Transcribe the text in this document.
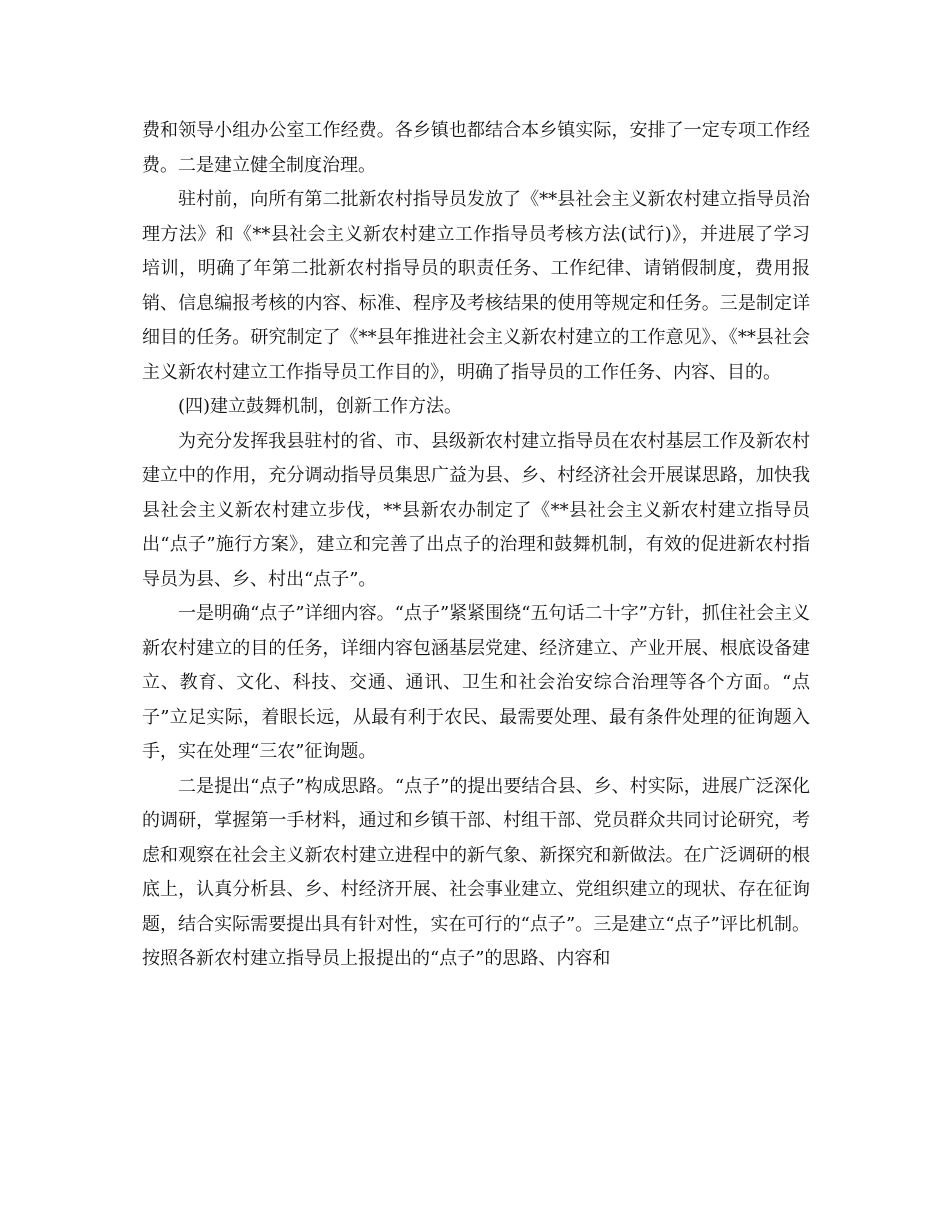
费和领导小组办公室工作经费。各乡镇也都结合本乡镇实际，安排了一定专项工作经费。二是建立健全制度治理。

驻村前，向所有第二批新农村指导员发放了《**县社会主义新农村建立指导员治理方法》和《**县社会主义新农村建立工作指导员考核方法(试行)》，并进展了学习培训，明确了年第二批新农村指导员的职责任务、工作纪律、请销假制度，费用报销、信息编报考核的内容、标准、程序及考核结果的使用等规定和任务。三是制定详细目的任务。研究制定了《**县年推进社会主义新农村建立的工作意见》、《**县社会主义新农村建立工作指导员工作目的》，明确了指导员的工作任务、内容、目的。

(四)建立鼓舞机制，创新工作方法。

为充分发挥我县驻村的省、市、县级新农村建立指导员在农村基层工作及新农村建立中的作用，充分调动指导员集思广益为县、乡、村经济社会开展谋思路，加快我县社会主义新农村建立步伐，**县新农办制定了《**县社会主义新农村建立指导员出“点子”施行方案》，建立和完善了出点子的治理和鼓舞机制，有效的促进新农村指导员为县、乡、村出“点子”。

一是明确“点子”详细内容。“点子”紧紧围绕“五句话二十字”方针，抓住社会主义新农村建立的目的任务，详细内容包涵基层党建、经济建立、产业开展、根底设备建立、教育、文化、科技、交通、通讯、卫生和社会治安综合治理等各个方面。“点子”立足实际，着眼长远，从最有利于农民、最需要处理、最有条件处理的征询题入手，实在处理“三农”征询题。

二是提出“点子”构成思路。“点子”的提出要结合县、乡、村实际，进展广泛深化的调研，掌握第一手材料，通过和乡镇干部、村组干部、党员群众共同讨论研究，考虑和观察在社会主义新农村建立进程中的新气象、新探究和新做法。在广泛调研的根底上，认真分析县、乡、村经济开展、社会事业建立、党组织建立的现状、存在征询题，结合实际需要提出具有针对性，实在可行的“点子”。三是建立“点子”评比机制。按照各新农村建立指导员上报提出的“点子”的思路、内容和
